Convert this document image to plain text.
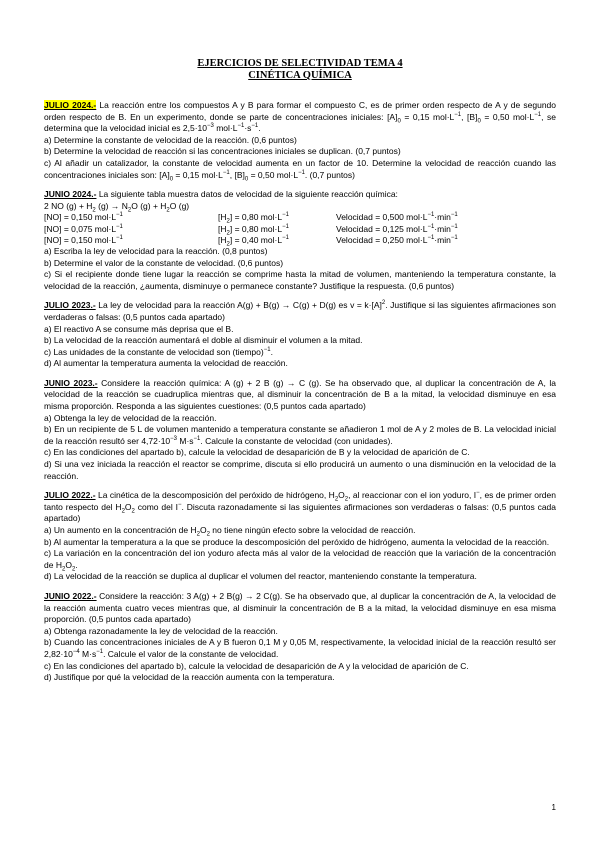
EJERCICIOS DE SELECTIVIDAD TEMA 4
CINÉTICA QUÍMICA

JULIO 2024.- La reacción entre los compuestos A y B para formar el compuesto C, es de primer orden respecto de A y de segundo orden respecto de B. En un experimento, donde se parte de concentraciones iniciales: $[A]_0 = 0,15$ $mol\cdot L^{-1}$, $[B]_0 = 0,50$ $mol\cdot L^{-1}$, se determina que la velocidad inicial es $2,5\cdot 10^{-3}$ $mol\cdot L^{-1}\cdot s^{-1}$.

a) Determine la constante de velocidad de la reacción. (0,6 puntos)

b) Determine la velocidad de reacción si las concentraciones iniciales se duplican. (0,7 puntos)

c) Al añadir un catalizador, la constante de velocidad aumenta en un factor de 10. Determine la velocidad de reacción cuando las concentraciones iniciales son: $[A]_0 = 0,15$ $mol\cdot L^{-1}$, $[B]_0 = 0,50$ $mol\cdot L^{-1}$. (0,7 puntos)

JUNIO 2024.- La siguiente tabla muestra datos de velocidad de la siguiente reacción química:

2 NO $(g) + H_2$ $(g) \to N_2O$ $(g) + H_2O$ (g)

[NO] = 0,150 $mol\cdot L^{-1}$	$[H_2] = 0,80$ $mol\cdot L^{-1}$	Velocidad = 0,500 $mol\cdot L^{-1}\cdot\min^{-1}$
[NO] = 0,075 $mol\cdot L^{-1}$	$[H_2] = 0,80$ $mol\cdot L^{-1}$	Velocidad = 0,125 $mol\cdot L^{-1}\cdot\min^{-1}$
[NO] = 0,150 $mol\cdot L^{-1}$	$[H_2] = 0,40$ $mol\cdot L^{-1}$	Velocidad = 0,250 $mol\cdot L^{-1}\cdot\min^{-1}$

a) Escriba la ley de velocidad para la reacción. (0,8 puntos)

b) Determine el valor de la constante de velocidad. (0,6 puntos)

c) Si el recipiente donde tiene lugar la reacción se comprime hasta la mitad de volumen, manteniendo la temperatura constante, la velocidad de la reacción, ¿aumenta, disminuye o permanece constante? Justifique la respuesta. (0,6 puntos)

JULIO 2023.- La ley de velocidad para la reacción A(g) + B(g) → C(g) + D(g) es $v = k\cdot[A]^2$. Justifique si las siguientes afirmaciones son verdaderas o falsas: (0,5 puntos cada apartado)

a) El reactivo A se consume más deprisa que el B.

b) La velocidad de la reacción aumentará el doble al disminuir el volumen a la mitad.

c) Las unidades de la constante de velocidad son (tiempo)$^{-1}$.

d) Al aumentar la temperatura aumenta la velocidad de reacción.

JUNIO 2023.- Considere la reacción química: A (g) + 2 B (g) → C (g). Se ha observado que, al duplicar la concentración de A, la velocidad de la reacción se cuadruplica mientras que, al disminuir la concentración de B a la mitad, la velocidad disminuye en esa misma proporción. Responda a las siguientes cuestiones: (0,5 puntos cada apartado)

a) Obtenga la ley de velocidad de la reacción.

b) En un recipiente de 5 L de volumen mantenido a temperatura constante se añadieron 1 mol de A y 2 moles de B. La velocidad inicial de la reacción resultó ser $4,72\cdot 10^{-3}$ $M\cdot s^{-1}$. Calcule la constante de velocidad (con unidades).

c) En las condiciones del apartado b), calcule la velocidad de desaparición de B y la velocidad de aparición de C.

d) Si una vez iniciada la reacción el reactor se comprime, discuta si ello producirá un aumento o una disminución en la velocidad de la reacción.

JULIO 2022.- La cinética de la descomposición del peróxido de hidrógeno, $H_2O_2$, al reaccionar con el ion yoduro, I−, es de primer orden tanto respecto del $H_2O_2$ como del I−. Discuta razonadamente si las siguientes afirmaciones son verdaderas o falsas: (0,5 puntos cada apartado)

a) Un aumento en la concentración de $H_2O_2$ no tiene ningún efecto sobre la velocidad de reacción.

b) Al aumentar la temperatura a la que se produce la descomposición del peróxido de hidrógeno, aumenta la velocidad de la reacción.

c) La variación en la concentración del ion yoduro afecta más al valor de la velocidad de reacción que la variación de la concentración de $H_2O_2$.

d) La velocidad de la reacción se duplica al duplicar el volumen del reactor, manteniendo constante la temperatura.

JUNIO 2022.- Considere la reacción: 3 A(g) + 2 B(g) → 2 C(g). Se ha observado que, al duplicar la concentración de A, la velocidad de la reacción aumenta cuatro veces mientras que, al disminuir la concentración de B a la mitad, la velocidad disminuye en esa misma proporción. (0,5 puntos cada apartado)

a) Obtenga razonadamente la ley de velocidad de la reacción.

b) Cuando las concentraciones iniciales de A y B fueron 0,1 M y 0,05 M, respectivamente, la velocidad inicial de la reacción resultó ser $2,82\cdot 10^{-4}$ $M\cdot s^{-1}$. Calcule el valor de la constante de velocidad.

c) En las condiciones del apartado b), calcule la velocidad de desaparición de A y la velocidad de aparición de C.

d) Justifique por qué la velocidad de la reacción aumenta con la temperatura.

1
